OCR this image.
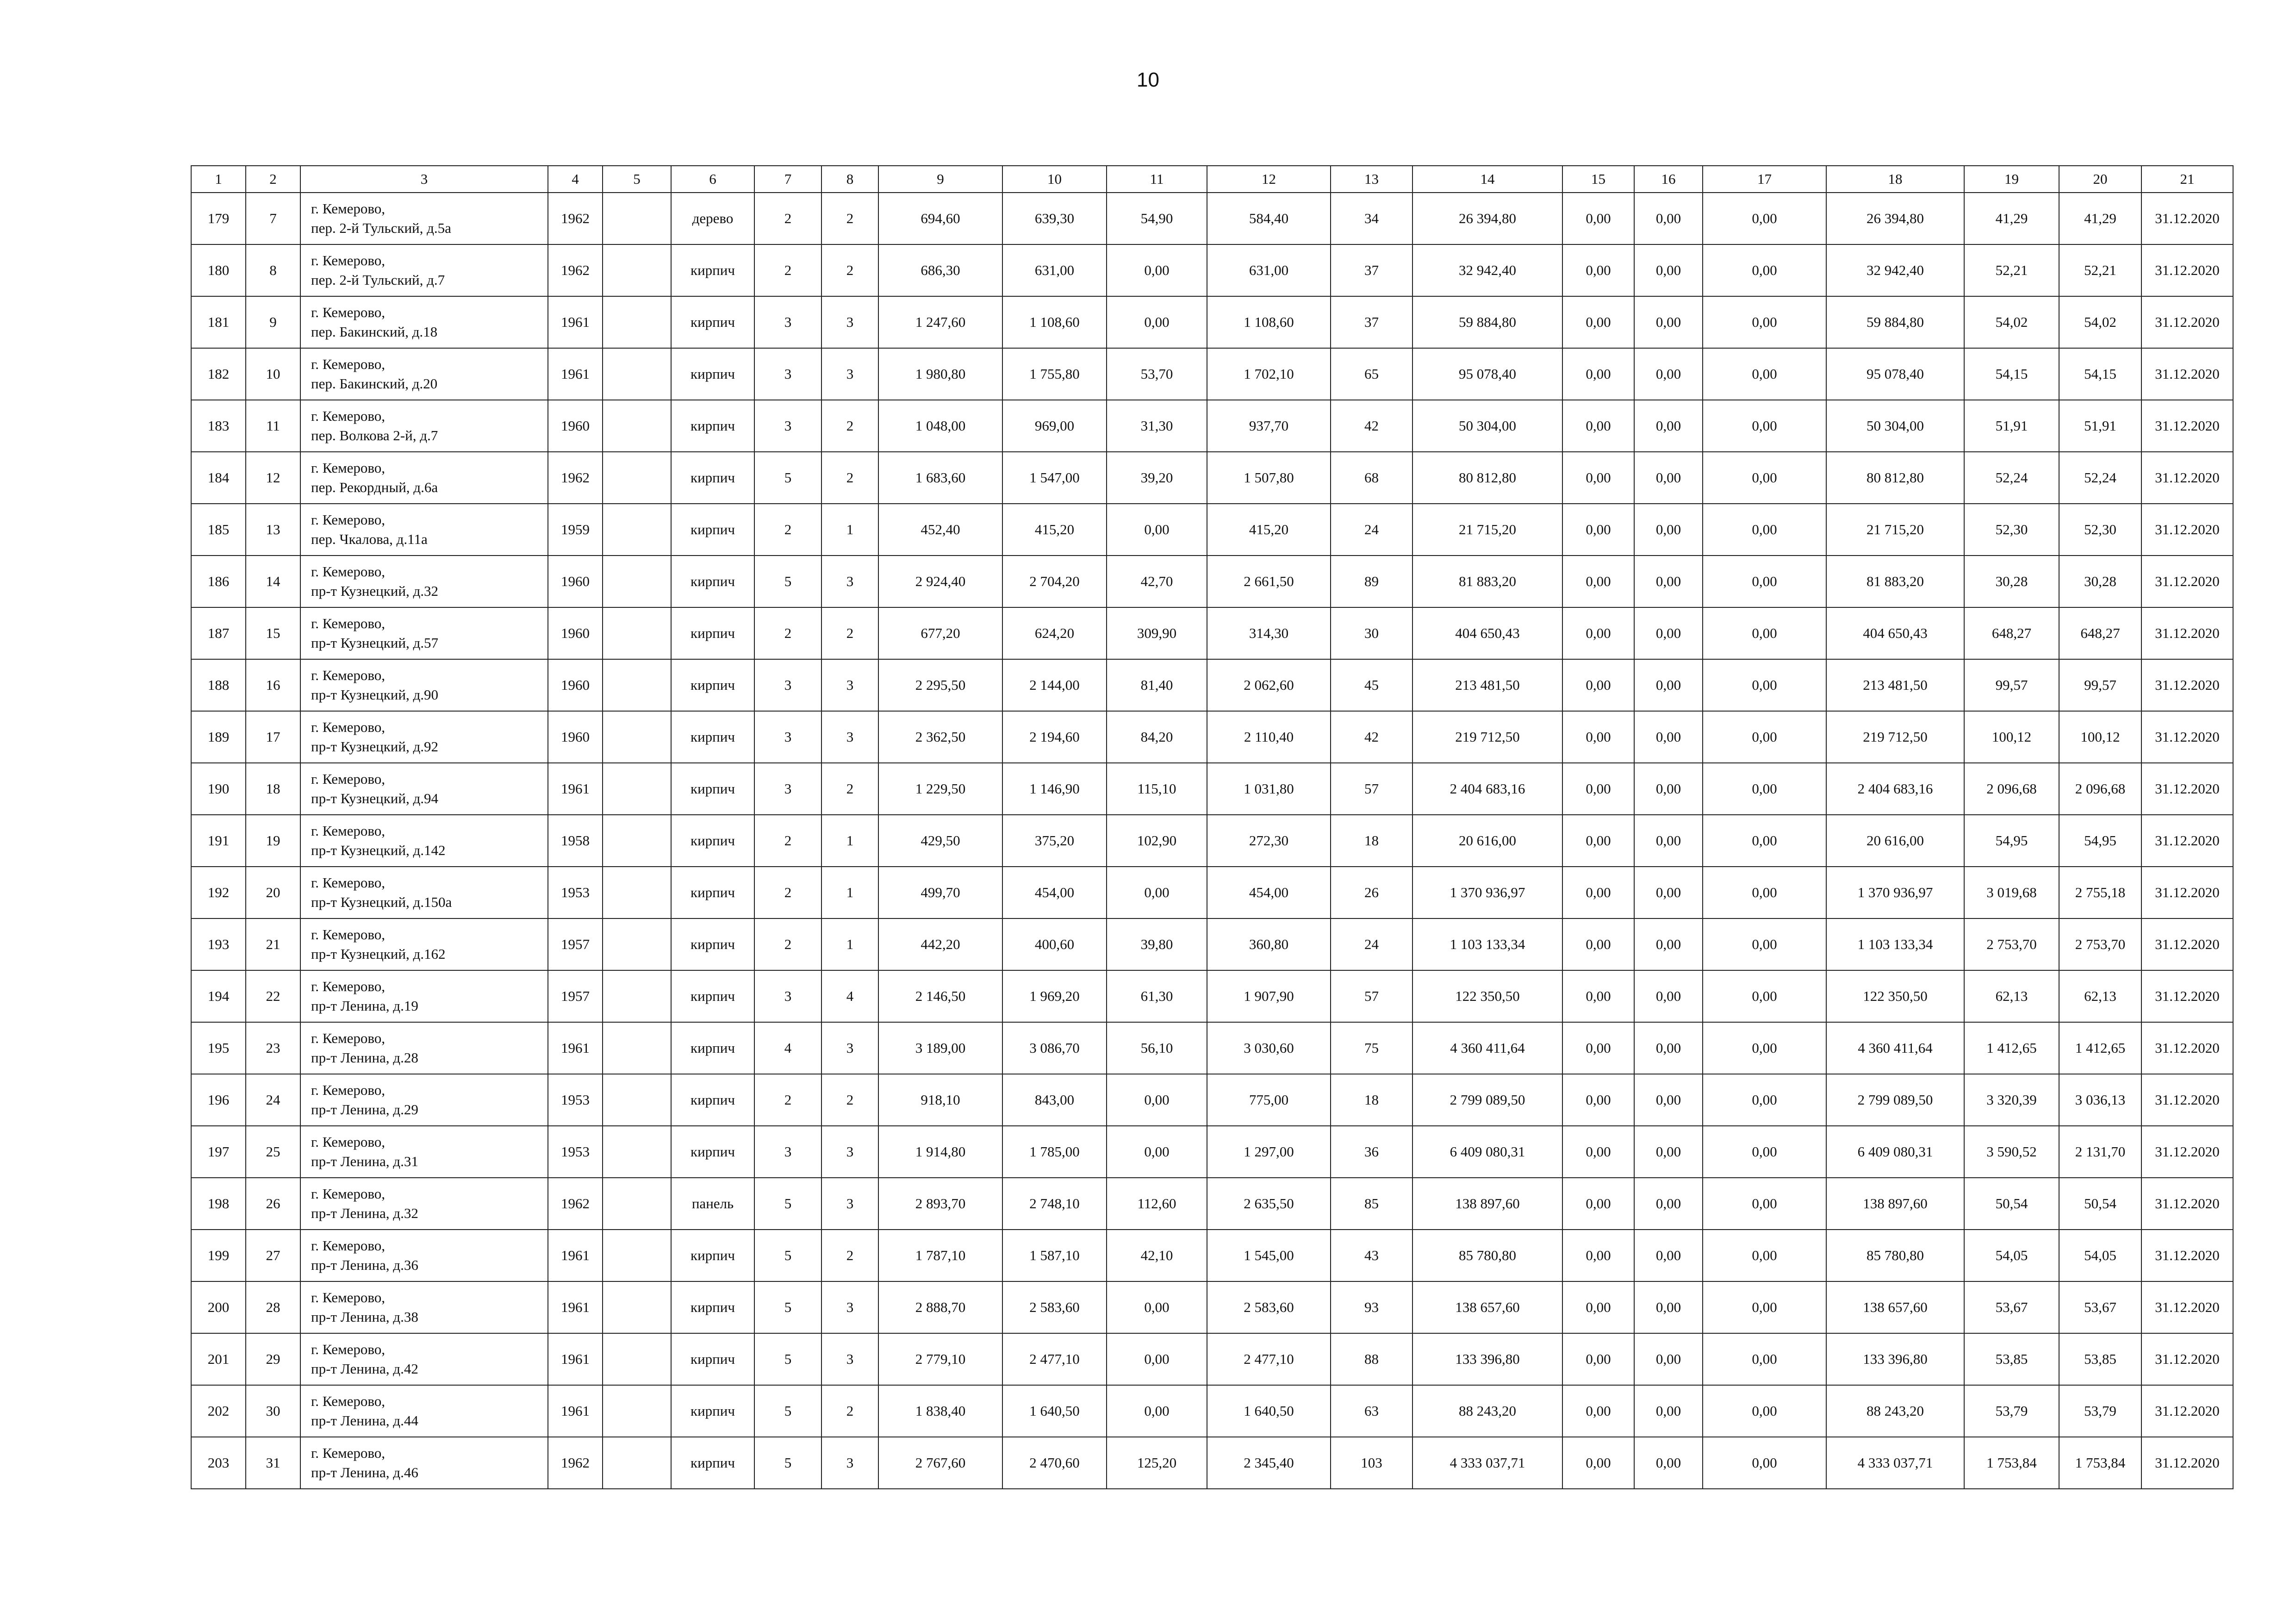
10
1	2	3	4	5	6	7	8	9	10	11	12	13	14	15	16	17	18	19	20	21
179	7	г. Кемерово,
пер. 2-й Тульский, д.5а	1962		дерево	2	2	694,60	639,30	54,90	584,40	34	26 394,80	0,00	0,00	0,00	26 394,80	41,29	41,29	31.12.2020
180	8	г. Кемерово,
пер. 2-й Тульский, д.7	1962		кирпич	2	2	686,30	631,00	0,00	631,00	37	32 942,40	0,00	0,00	0,00	32 942,40	52,21	52,21	31.12.2020
181	9	г. Кемерово,
пер. Бакинский, д.18	1961		кирпич	3	3	1 247,60	1 108,60	0,00	1 108,60	37	59 884,80	0,00	0,00	0,00	59 884,80	54,02	54,02	31.12.2020
182	10	г. Кемерово,
пер. Бакинский, д.20	1961		кирпич	3	3	1 980,80	1 755,80	53,70	1 702,10	65	95 078,40	0,00	0,00	0,00	95 078,40	54,15	54,15	31.12.2020
183	11	г. Кемерово,
пер. Волкова 2-й, д.7	1960		кирпич	3	2	1 048,00	969,00	31,30	937,70	42	50 304,00	0,00	0,00	0,00	50 304,00	51,91	51,91	31.12.2020
184	12	г. Кемерово,
пер. Рекордный, д.6а	1962		кирпич	5	2	1 683,60	1 547,00	39,20	1 507,80	68	80 812,80	0,00	0,00	0,00	80 812,80	52,24	52,24	31.12.2020
185	13	г. Кемерово,
пер. Чкалова, д.11а	1959		кирпич	2	1	452,40	415,20	0,00	415,20	24	21 715,20	0,00	0,00	0,00	21 715,20	52,30	52,30	31.12.2020
186	14	г. Кемерово,
пр-т Кузнецкий, д.32	1960		кирпич	5	3	2 924,40	2 704,20	42,70	2 661,50	89	81 883,20	0,00	0,00	0,00	81 883,20	30,28	30,28	31.12.2020
187	15	г. Кемерово,
пр-т Кузнецкий, д.57	1960		кирпич	2	2	677,20	624,20	309,90	314,30	30	404 650,43	0,00	0,00	0,00	404 650,43	648,27	648,27	31.12.2020
188	16	г. Кемерово,
пр-т Кузнецкий, д.90	1960		кирпич	3	3	2 295,50	2 144,00	81,40	2 062,60	45	213 481,50	0,00	0,00	0,00	213 481,50	99,57	99,57	31.12.2020
189	17	г. Кемерово,
пр-т Кузнецкий, д.92	1960		кирпич	3	3	2 362,50	2 194,60	84,20	2 110,40	42	219 712,50	0,00	0,00	0,00	219 712,50	100,12	100,12	31.12.2020
190	18	г. Кемерово,
пр-т Кузнецкий, д.94	1961		кирпич	3	2	1 229,50	1 146,90	115,10	1 031,80	57	2 404 683,16	0,00	0,00	0,00	2 404 683,16	2 096,68	2 096,68	31.12.2020
191	19	г. Кемерово,
пр-т Кузнецкий, д.142	1958		кирпич	2	1	429,50	375,20	102,90	272,30	18	20 616,00	0,00	0,00	0,00	20 616,00	54,95	54,95	31.12.2020
192	20	г. Кемерово,
пр-т Кузнецкий, д.150а	1953		кирпич	2	1	499,70	454,00	0,00	454,00	26	1 370 936,97	0,00	0,00	0,00	1 370 936,97	3 019,68	2 755,18	31.12.2020
193	21	г. Кемерово,
пр-т Кузнецкий, д.162	1957		кирпич	2	1	442,20	400,60	39,80	360,80	24	1 103 133,34	0,00	0,00	0,00	1 103 133,34	2 753,70	2 753,70	31.12.2020
194	22	г. Кемерово,
пр-т Ленина, д.19	1957		кирпич	3	4	2 146,50	1 969,20	61,30	1 907,90	57	122 350,50	0,00	0,00	0,00	122 350,50	62,13	62,13	31.12.2020
195	23	г. Кемерово,
пр-т Ленина, д.28	1961		кирпич	4	3	3 189,00	3 086,70	56,10	3 030,60	75	4 360 411,64	0,00	0,00	0,00	4 360 411,64	1 412,65	1 412,65	31.12.2020
196	24	г. Кемерово,
пр-т Ленина, д.29	1953		кирпич	2	2	918,10	843,00	0,00	775,00	18	2 799 089,50	0,00	0,00	0,00	2 799 089,50	3 320,39	3 036,13	31.12.2020
197	25	г. Кемерово,
пр-т Ленина, д.31	1953		кирпич	3	3	1 914,80	1 785,00	0,00	1 297,00	36	6 409 080,31	0,00	0,00	0,00	6 409 080,31	3 590,52	2 131,70	31.12.2020
198	26	г. Кемерово,
пр-т Ленина, д.32	1962		панель	5	3	2 893,70	2 748,10	112,60	2 635,50	85	138 897,60	0,00	0,00	0,00	138 897,60	50,54	50,54	31.12.2020
199	27	г. Кемерово,
пр-т Ленина, д.36	1961		кирпич	5	2	1 787,10	1 587,10	42,10	1 545,00	43	85 780,80	0,00	0,00	0,00	85 780,80	54,05	54,05	31.12.2020
200	28	г. Кемерово,
пр-т Ленина, д.38	1961		кирпич	5	3	2 888,70	2 583,60	0,00	2 583,60	93	138 657,60	0,00	0,00	0,00	138 657,60	53,67	53,67	31.12.2020
201	29	г. Кемерово,
пр-т Ленина, д.42	1961		кирпич	5	3	2 779,10	2 477,10	0,00	2 477,10	88	133 396,80	0,00	0,00	0,00	133 396,80	53,85	53,85	31.12.2020
202	30	г. Кемерово,
пр-т Ленина, д.44	1961		кирпич	5	2	1 838,40	1 640,50	0,00	1 640,50	63	88 243,20	0,00	0,00	0,00	88 243,20	53,79	53,79	31.12.2020
203	31	г. Кемерово,
пр-т Ленина, д.46	1962		кирпич	5	3	2 767,60	2 470,60	125,20	2 345,40	103	4 333 037,71	0,00	0,00	0,00	4 333 037,71	1 753,84	1 753,84	31.12.2020
